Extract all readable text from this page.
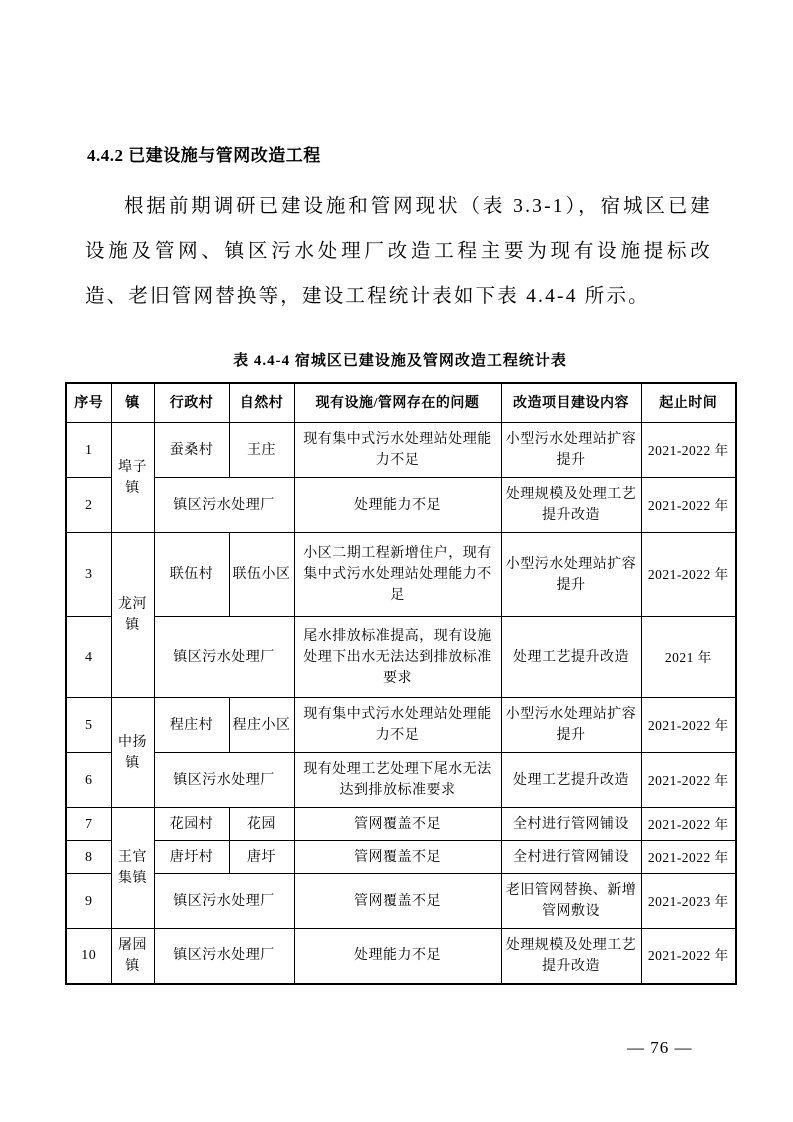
4.4.2 已建设施与管网改造工程

根据前期调研已建设施和管网现状（表 3.3-1），宿城区已建设施及管网、镇区污水处理厂改造工程主要为现有设施提标改造、老旧管网替换等，建设工程统计表如下表 4.4-4 所示。

表 4.4-4 宿城区已建设施及管网改造工程统计表
序号	镇	行政村	自然村	现有设施/管网存在的问题	改造项目建设内容	起止时间
1	埠子镇	蚕桑村	王庄	现有集中式污水处理站处理能力不足	小型污水处理站扩容提升	2021-2022 年
2		镇区污水处理厂		处理能力不足	处理规模及处理工艺提升改造	2021-2022 年
3	龙河镇	联伍村	联伍小区	小区二期工程新增住户，现有集中式污水处理站处理能力不足	小型污水处理站扩容提升	2021-2022 年
4		镇区污水处理厂		尾水排放标准提高，现有设施处理下出水无法达到排放标准要求	处理工艺提升改造	2021 年
5	中扬镇	程庄村	程庄小区	现有集中式污水处理站处理能力不足	小型污水处理站扩容提升	2021-2022 年
6		镇区污水处理厂		现有处理工艺处理下尾水无法达到排放标准要求	处理工艺提升改造	2021-2022 年
7	王官集镇	花园村	花园	管网覆盖不足	全村进行管网铺设	2021-2022 年
8		唐圩村	唐圩	管网覆盖不足	全村进行管网铺设	2021-2022 年
9		镇区污水处理厂		管网覆盖不足	老旧管网替换、新增管网敷设	2021-2023 年
10	屠园镇	镇区污水处理厂		处理能力不足	处理规模及处理工艺提升改造	2021-2022 年
— 76 —
